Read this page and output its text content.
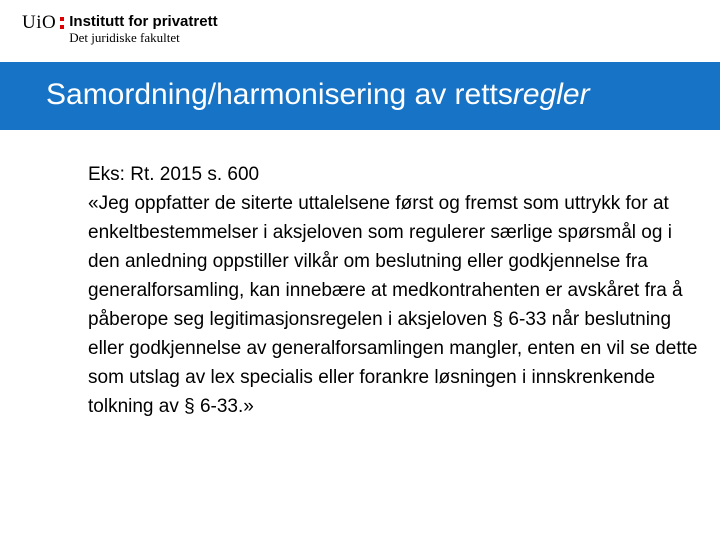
UiO Institutt for privatrett
Det juridiske fakultet
Samordning/harmonisering av rettsregler

Eks: Rt. 2015 s. 600

«Jeg oppfatter de siterte uttalelsene først og fremst som uttrykk for at enkeltbestemmelser i aksjeloven som regulerer særlige spørsmål og i den anledning oppstiller vilkår om beslutning eller godkjennelse fra generalforsamling, kan innebære at medkontrahenten er avskåret fra å påberope seg legitimasjonsregelen i aksjeloven § 6-33 når beslutning eller godkjennelse av generalforsamlingen mangler, enten en vil se dette som utslag av lex specialis eller forankre løsningen i innskrenkende tolkning av § 6-33.»
